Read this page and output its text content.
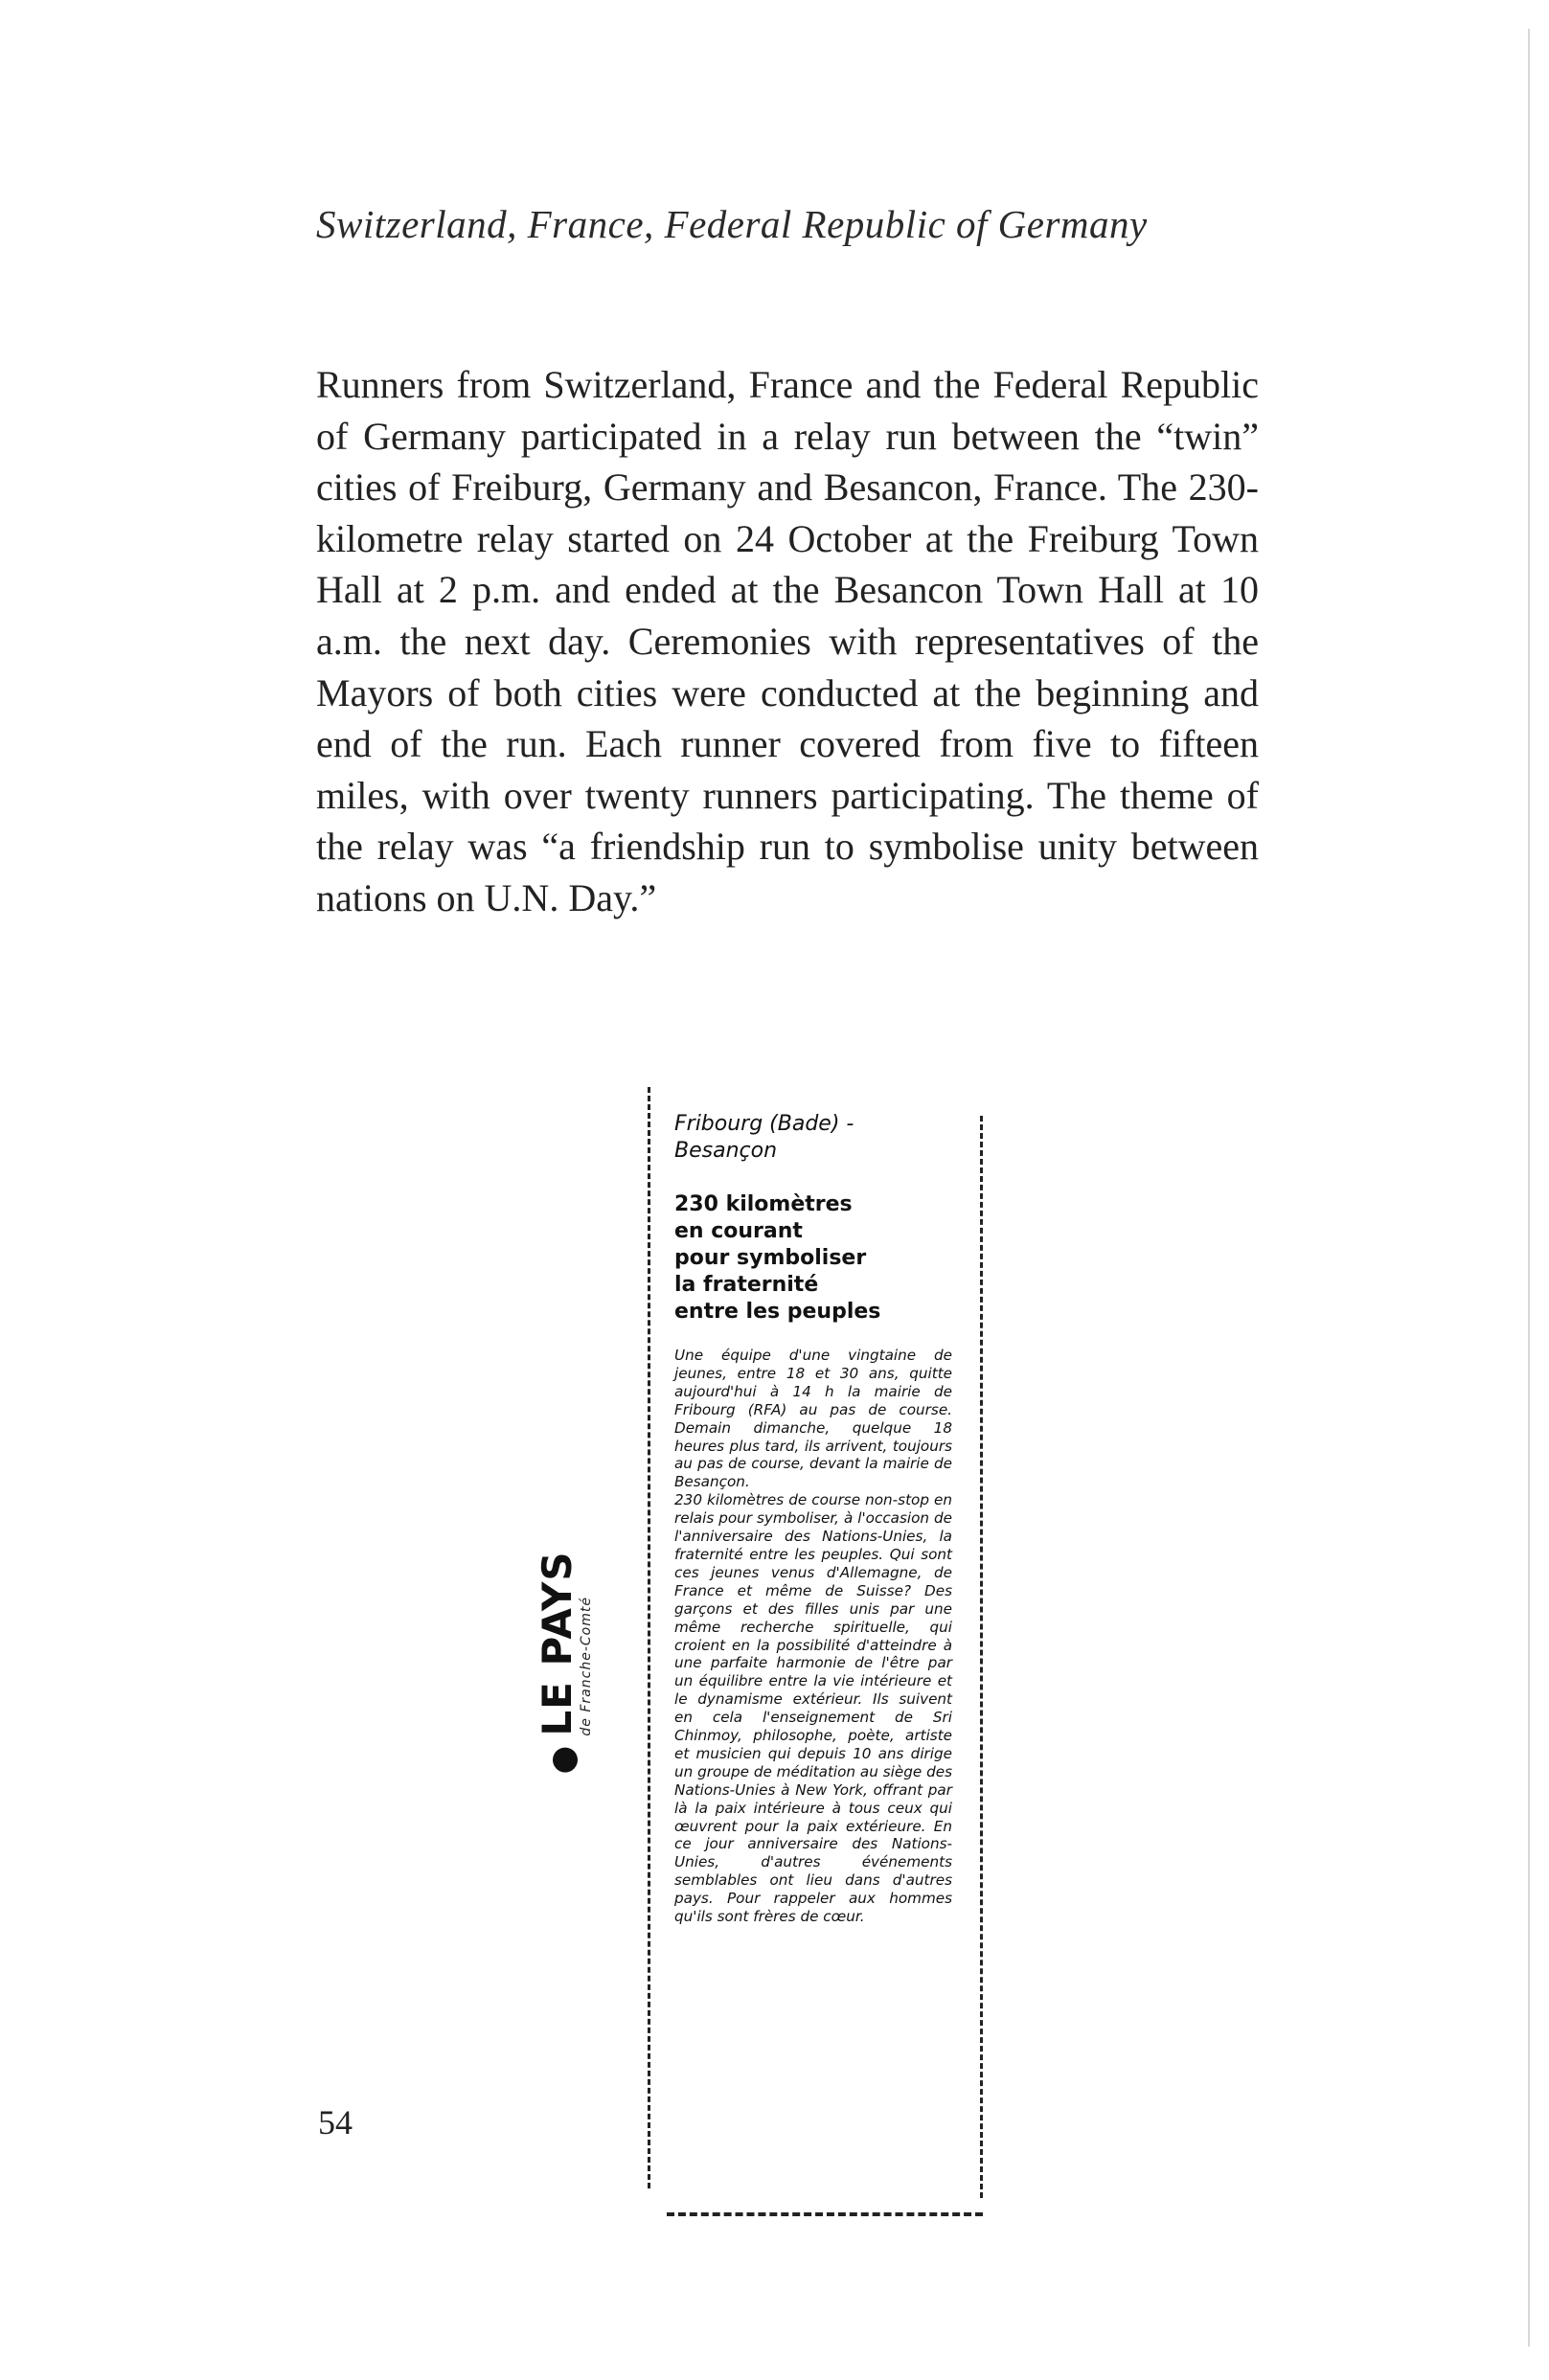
Switzerland, France, Federal Republic of Germany

Runners from Switzerland, France and the Federal Republic of Germany participated in a relay run between the “twin” cities of Freiburg, Germany and Besancon, France. The 230-kilometre relay started on 24 October at the Freiburg Town Hall at 2 p.m. and ended at the Besancon Town Hall at 10 a.m. the next day. Ceremonies with representatives of the Mayors of both cities were conducted at the beginning and end of the run. Each runner covered from five to fifteen miles, with over twenty runners participating. The theme of the relay was “a friendship run to symbolise unity between nations on U.N. Day.”

LE PAYS
de Franche-Comté

Fribourg (Bade) -
Besançon

230 kilomètres
en courant
pour symboliser
la fraternité
entre les peuples

Une équipe d'une vingtaine de jeunes, entre 18 et 30 ans, quitte aujourd'hui à 14 h la mairie de Fribourg (RFA) au pas de course. Demain dimanche, quelque 18 heures plus tard, ils arrivent, toujours au pas de course, devant la mairie de Besançon.
230 kilomètres de course non-stop en relais pour symboliser, à l'occasion de l'anniversaire des Nations-Unies, la fraternité entre les peuples. Qui sont ces jeunes venus d'Allemagne, de France et même de Suisse? Des garçons et des filles unis par une même recherche spirituelle, qui croient en la possibilité d'atteindre à une parfaite harmonie de l'être par un équilibre entre la vie intérieure et le dynamisme extérieur. Ils suivent en cela l'enseignement de Sri Chinmoy, philosophe, poète, artiste et musicien qui depuis 10 ans dirige un groupe de méditation au siège des Nations-Unies à New York, offrant par là la paix intérieure à tous ceux qui œuvrent pour la paix extérieure. En ce jour anniversaire des Nations-Unies, d'autres événements semblables ont lieu dans d'autres pays. Pour rappeler aux hommes qu'ils sont frères de cœur.

54
